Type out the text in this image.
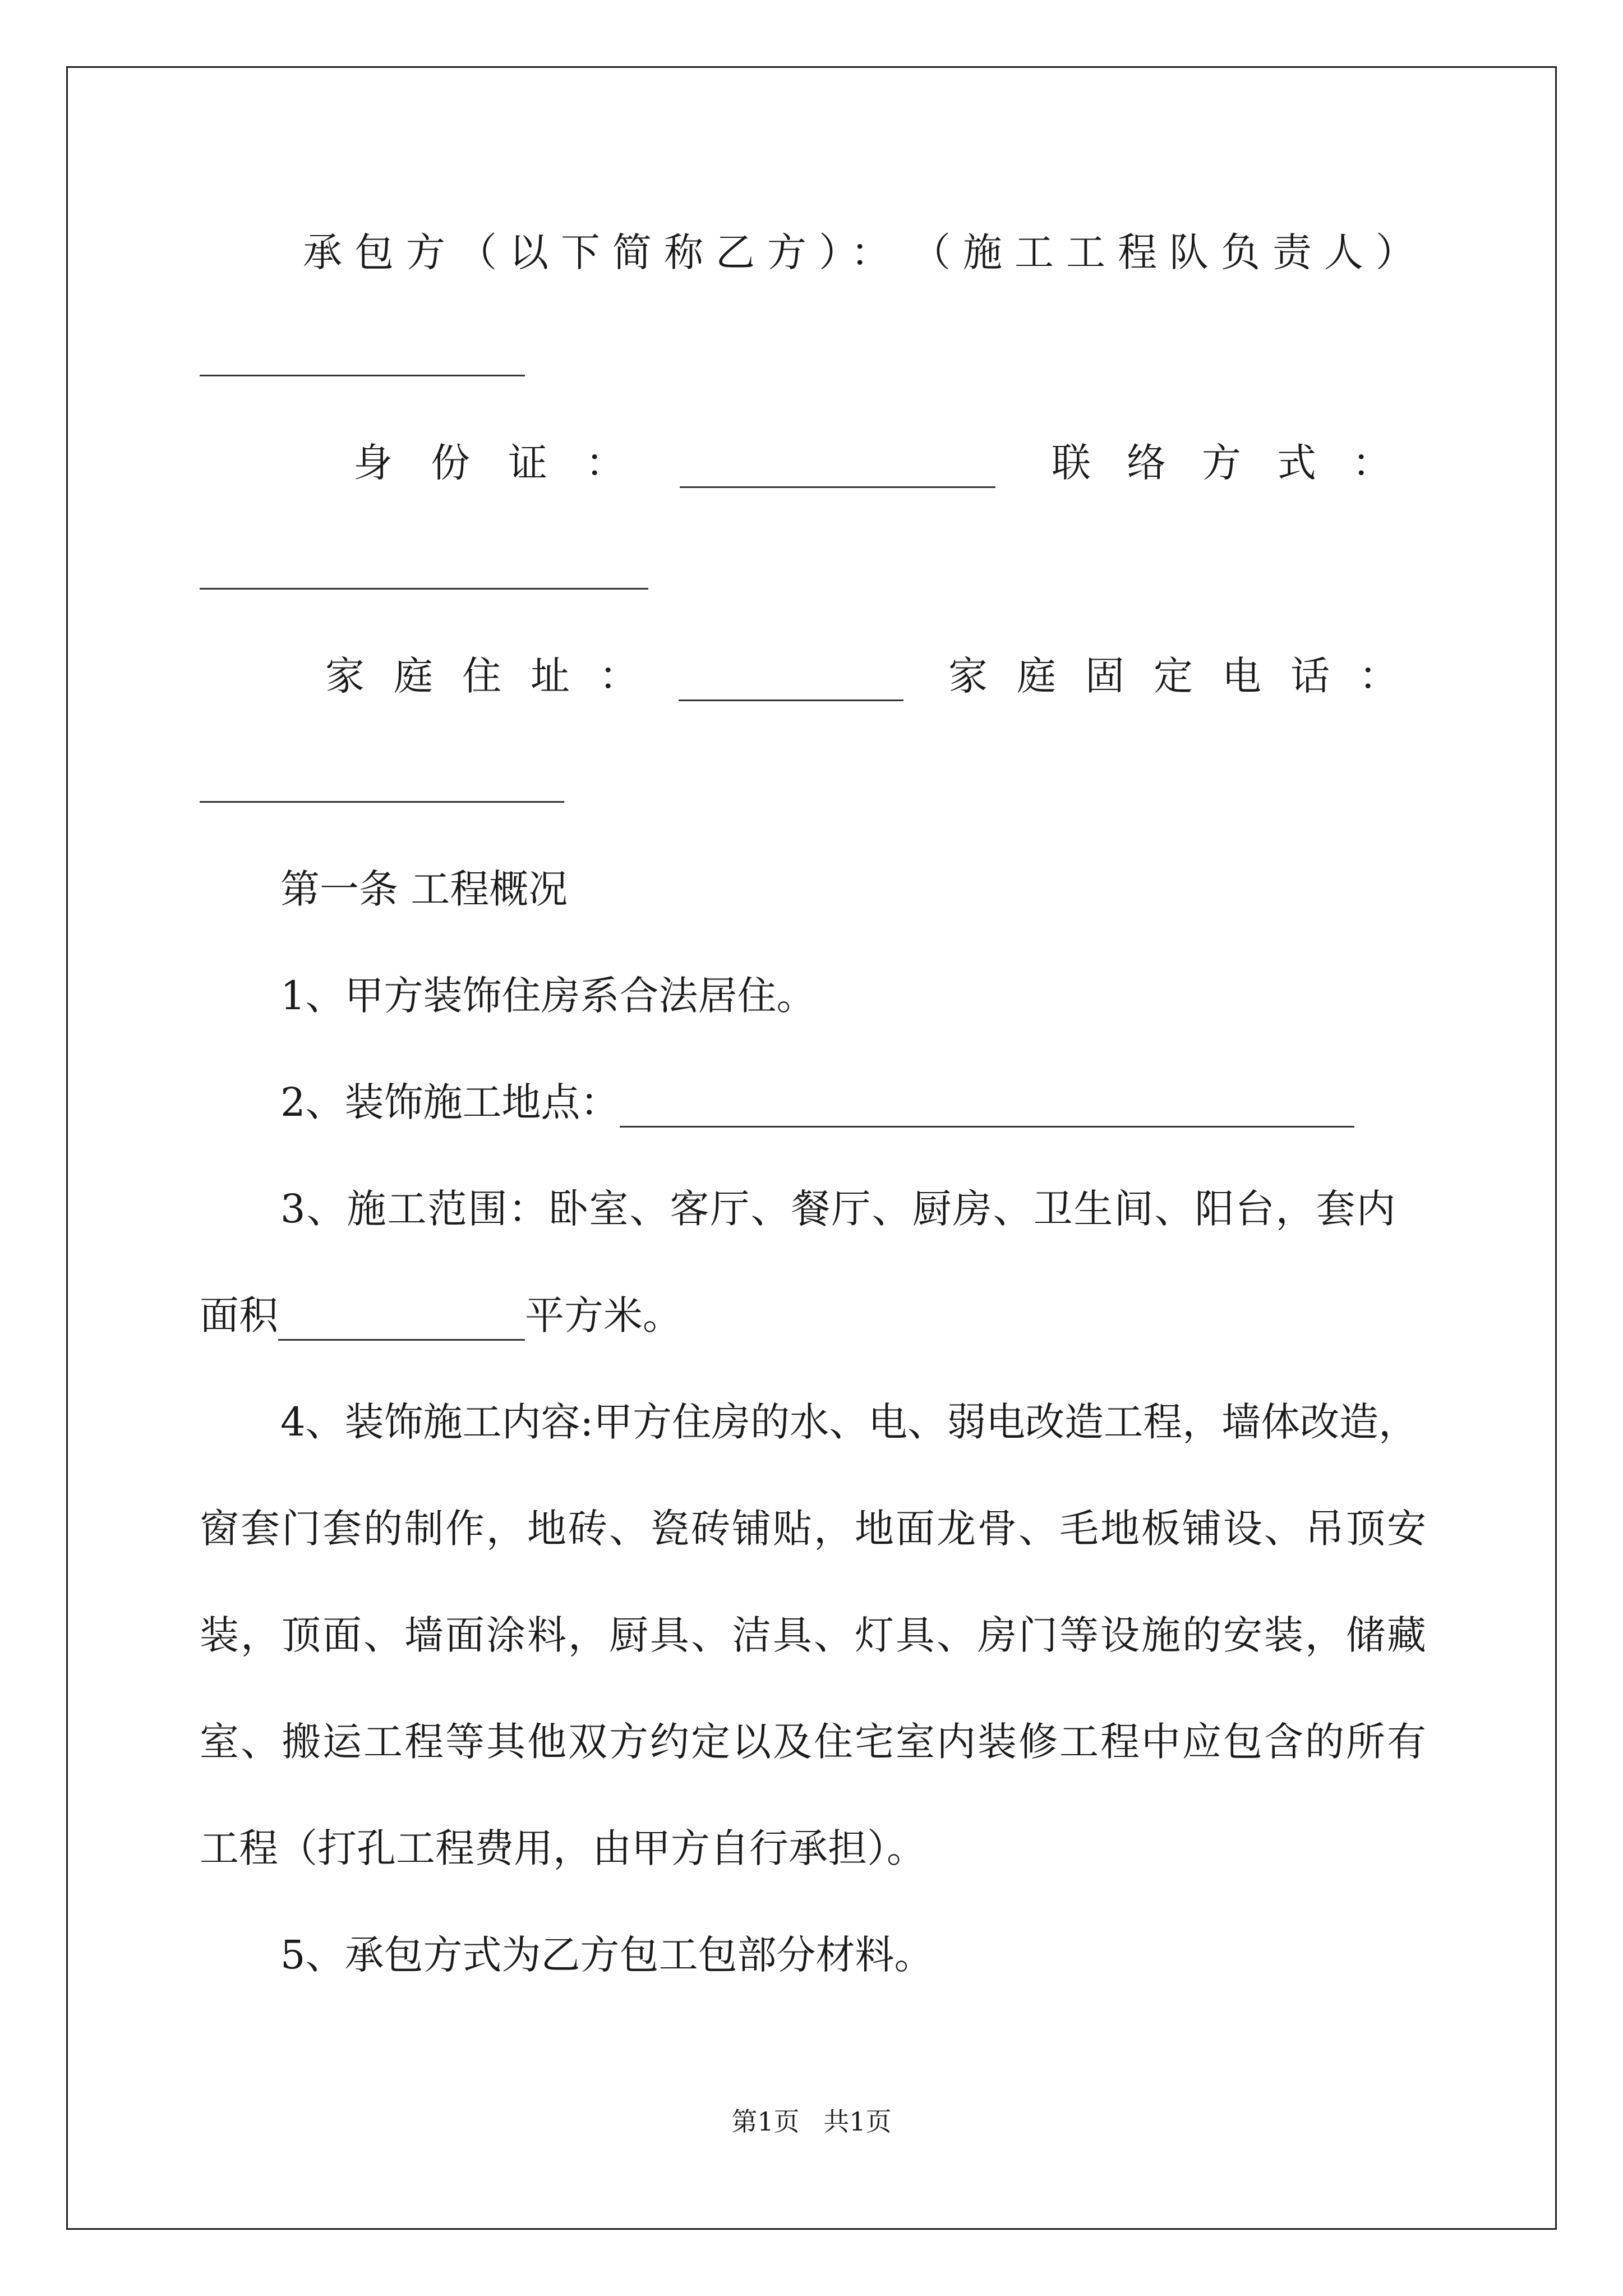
承包方（以下简称乙方）： （施工工程队负责人）
身份证：	联络方式：
家庭住址：	家庭固定电话：
第一条 工程概况
1、甲方装饰住房系合法居住。
2、装饰施工地点：
3、施工范围：卧室、客厅、餐厅、厨房、卫生间、阳台，套内
面积	平方米。
4、装饰施工内容:甲方住房的水、电、弱电改造工程，墙体改造，
窗套门套的制作，地砖、瓷砖铺贴，地面龙骨、毛地板铺设、吊顶安
装，顶面、墙面涂料，厨具、洁具、灯具、房门等设施的安装，储藏
室、搬运工程等其他双方约定以及住宅室内装修工程中应包含的所有
工程（打孔工程费用，由甲方自行承担）。
5、承包方式为乙方包工包部分材料。
第1页 共1页
